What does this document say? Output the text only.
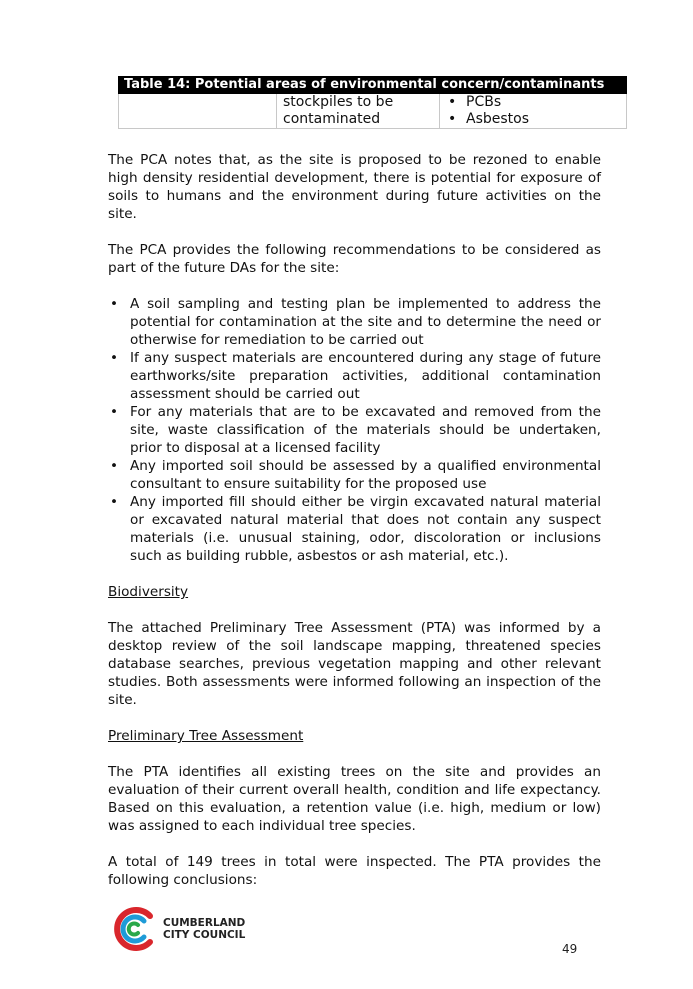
Table 14: Potential areas of environmental concern/contaminants
stockpiles to be contaminated
• PCBs
• Asbestos

The PCA notes that, as the site is proposed to be rezoned to enable high density residential development, there is potential for exposure of soils to humans and the environment during future activities on the site.

The PCA provides the following recommendations to be considered as part of the future DAs for the site:

• A soil sampling and testing plan be implemented to address the potential for contamination at the site and to determine the need or otherwise for remediation to be carried out
• If any suspect materials are encountered during any stage of future earthworks/site preparation activities, additional contamination assessment should be carried out
• For any materials that are to be excavated and removed from the site, waste classification of the materials should be undertaken, prior to disposal at a licensed facility
• Any imported soil should be assessed by a qualified environmental consultant to ensure suitability for the proposed use
• Any imported fill should either be virgin excavated natural material or excavated natural material that does not contain any suspect materials (i.e. unusual staining, odor, discoloration or inclusions such as building rubble, asbestos or ash material, etc.).

Biodiversity

The attached Preliminary Tree Assessment (PTA) was informed by a desktop review of the soil landscape mapping, threatened species database searches, previous vegetation mapping and other relevant studies. Both assessments were informed following an inspection of the site.

Preliminary Tree Assessment

The PTA identifies all existing trees on the site and provides an evaluation of their current overall health, condition and life expectancy. Based on this evaluation, a retention value (i.e. high, medium or low) was assigned to each individual tree species.

A total of 149 trees in total were inspected. The PTA provides the following conclusions:

CUMBERLAND
CITY COUNCIL
49
